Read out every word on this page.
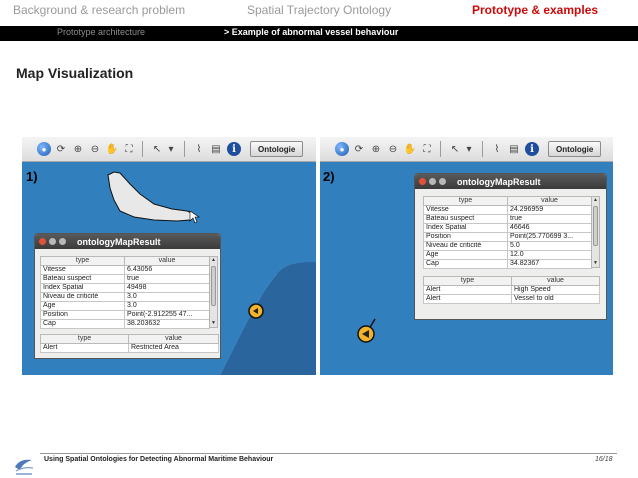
Background & research problem	Spatial Trajectory Ontology	Prototype & examples
Prototype architecture	> Example of abnormal vessel behaviour
Map Visualization
●	⟳ ⊕ ⊖ ✋ ⛶	↖ ▾	⌇ ▤	i	Ontologie
1)
ontologyMapResult
type	value
Vitesse	6.43056
Bateau suspect	true
Index Spatial	49498
Niveau de criticité	3.0
Age	3.0
Position	Point(-2.912255 47...
Cap	38.203632
▲
▼
type	value
Alert	Restricted Area
●	⟳ ⊕ ⊖ ✋ ⛶	↖ ▾	⌇ ▤	i	Ontologie
2)	ontologyMapResult
type	value
Vitesse	24.296959
Bateau suspect	true
Index Spatial	46646
Position	Point(25.770699 3...
Niveau de criticité	5.0
Age	12.0
Cap	34.82367
▲
▼
type	value
Alert	High Speed
Alert	Vessel to old
Using Spatial Ontologies for Detecting Abnormal Maritime Behaviour	16/18
